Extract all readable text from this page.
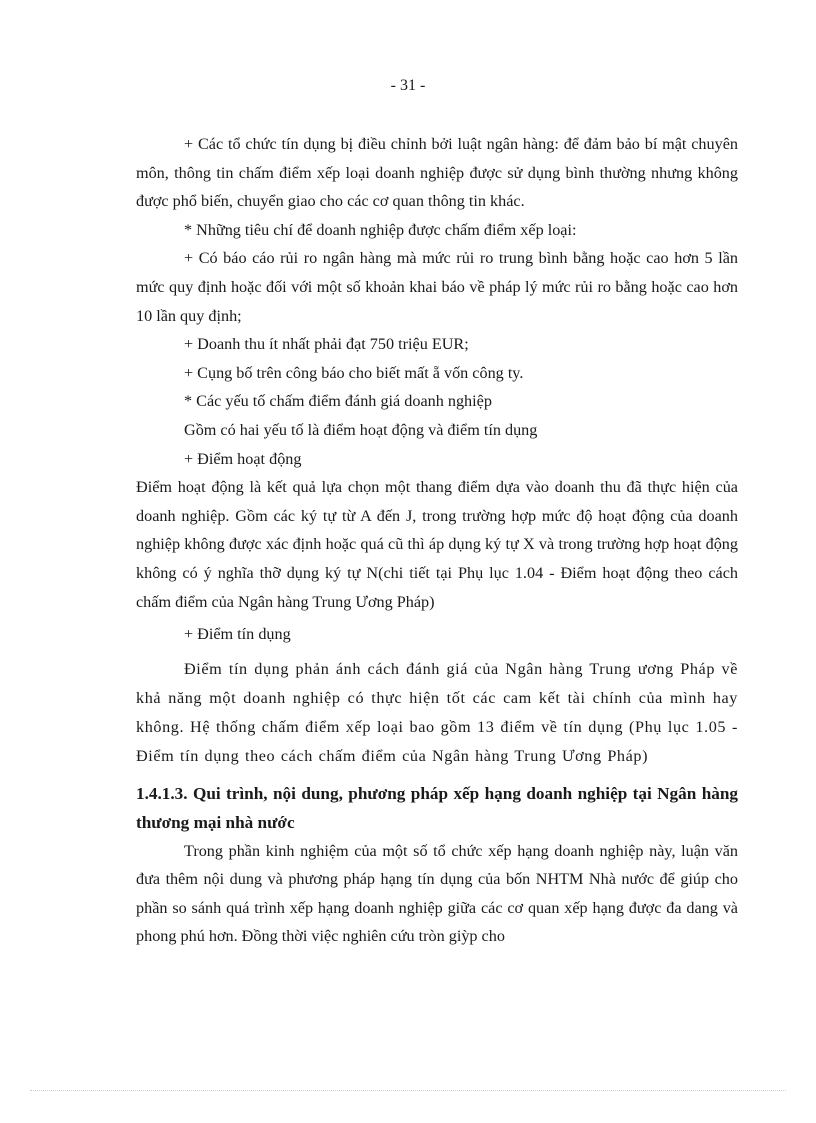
- 31 -

+ Các tổ chức tín dụng bị điều chỉnh bởi luật ngân hàng: để đảm bảo bí mật chuyên môn, thông tin chấm điểm xếp loại doanh nghiệp được sử dụng bình thường nhưng không được phổ biến, chuyển giao cho các cơ quan thông tin khác.

* Những tiêu chí để doanh nghiệp được chấm điểm xếp loại:

+ Có báo cáo rủi ro ngân hàng mà mức rủi ro trung bình bằng hoặc cao hơn 5 lần mức quy định hoặc đối với một số khoản khai báo về pháp lý mức rủi ro bằng hoặc cao hơn 10 lần quy định;

+ Doanh thu ít nhất phải đạt 750 triệu EUR;

+ Cụng bố trên công báo cho biết mất ẵ vốn công ty.

* Các yếu tố chấm điểm đánh giá doanh nghiệp

Gồm có hai yếu tố là điểm hoạt động và điểm tín dụng

+ Điểm hoạt động

Điểm hoạt động là kết quả lựa chọn một thang điểm dựa vào doanh thu đã thực hiện của doanh nghiệp. Gồm các ký tự từ A đến J, trong trường hợp mức độ hoạt động của doanh nghiệp không được xác định hoặc quá cũ thì áp dụng ký tự X và trong trường hợp hoạt động không có ý nghĩa thỡ dụng ký tự N(chi tiết tại Phụ lục 1.04 - Điểm hoạt động theo cách chấm điểm của Ngân hàng Trung Ương Pháp)

+ Điểm tín dụng

Điểm tín dụng phản ánh cách đánh giá của Ngân hàng Trung ương Pháp về khả năng một doanh nghiệp có thực hiện tốt các cam kết tài chính của mình hay không. Hệ thống chấm điểm xếp loại bao gồm 13 điểm về tín dụng (Phụ lục 1.05 - Điểm tín dụng theo cách chấm điểm của Ngân hàng Trung Ương Pháp)

1.4.1.3. Qui trình, nội dung, phương pháp xếp hạng doanh nghiệp tại Ngân hàng thương mại nhà nước

Trong phần kinh nghiệm của một số tổ chức xếp hạng doanh nghiệp này, luận văn đưa thêm nội dung và phương pháp hạng tín dụng của bốn NHTM Nhà nước để giúp cho phần so sánh quá trình xếp hạng doanh nghiệp giữa các cơ quan xếp hạng được đa dang và phong phú hơn. Đồng thời việc nghiên cứu tròn giỳp cho
